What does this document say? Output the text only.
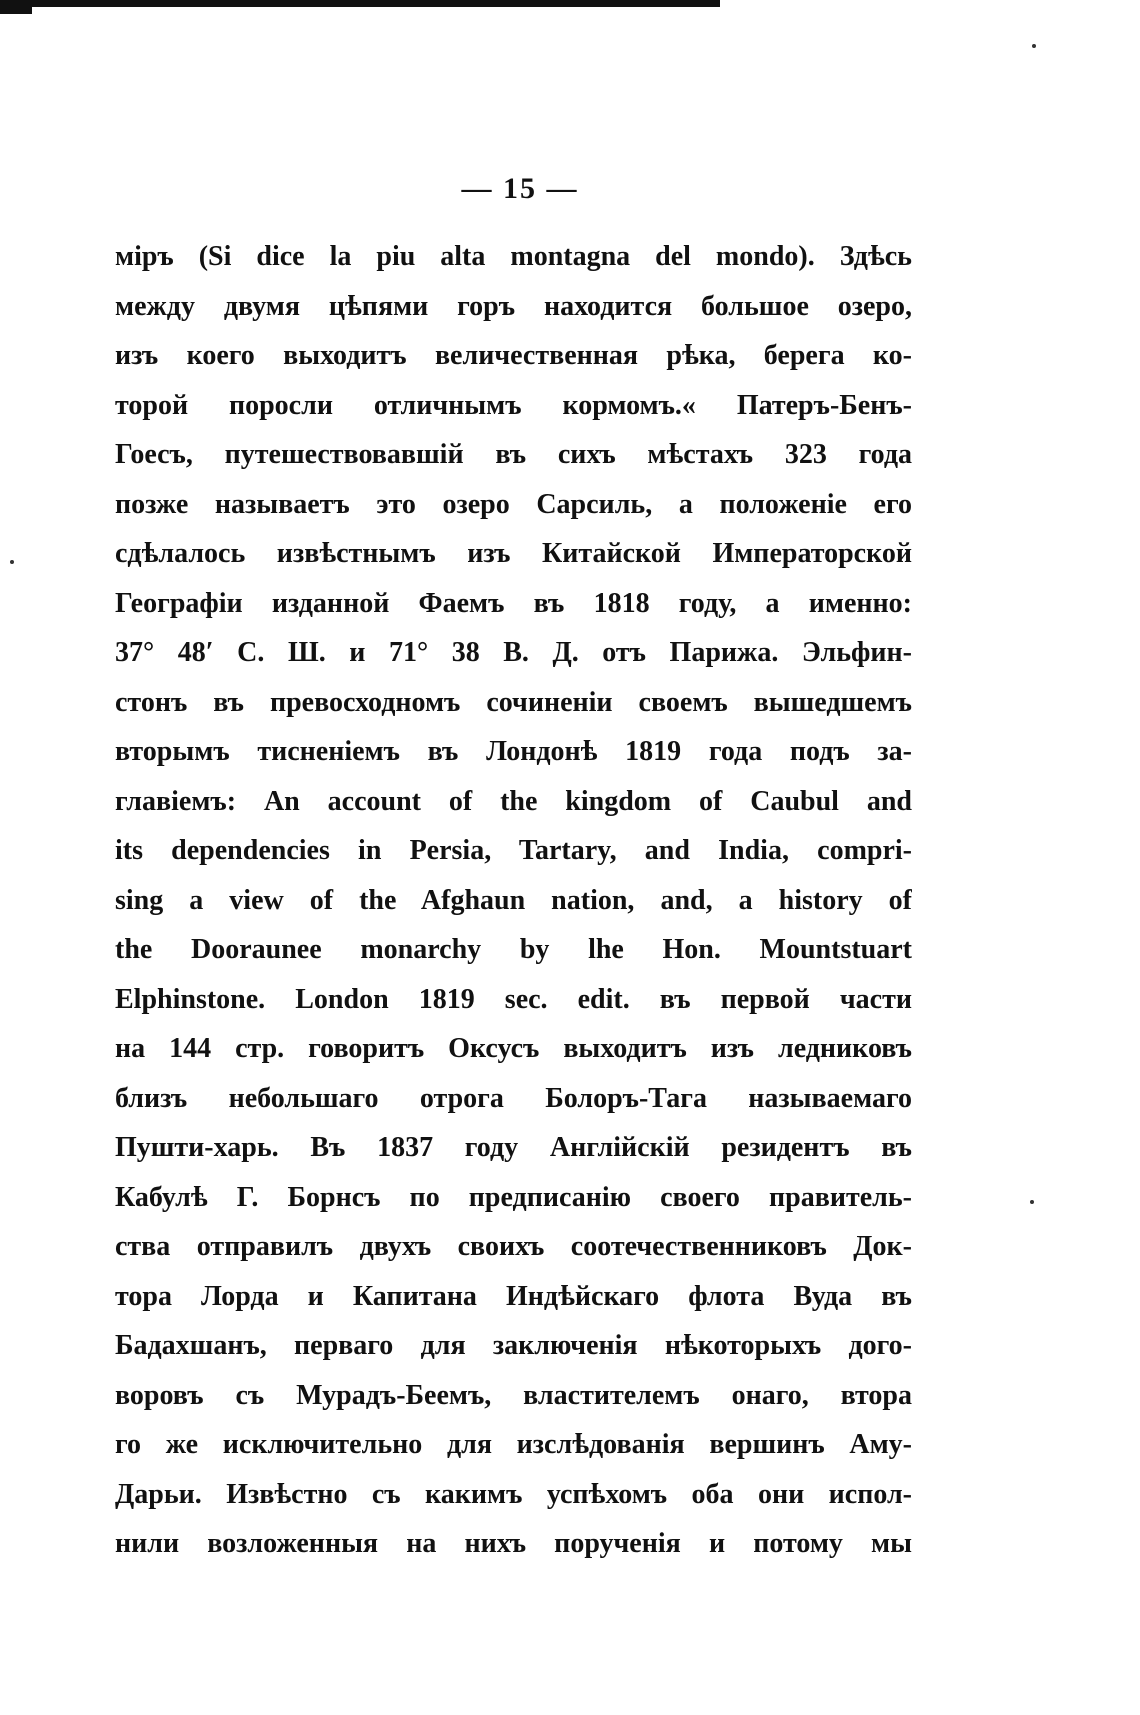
— 15 —
міръ (Si dice la piu alta montagna del mondo). Здѣсь
между двумя цѣпями горъ находится большое озеро,
изъ коего выходитъ величественная рѣка, берега ко-
торой поросли отличнымъ кормомъ.« Патеръ-Бенъ-
Гоесъ, путешествовавшій въ сихъ мѣстахъ 323 года
позже называетъ это озеро Сарсиль, а положеніе его
сдѣлалось извѣстнымъ изъ Китайской Императорской
Географіи изданной Фаемъ въ 1818 году, а именно:
37° 48′ С. Ш. и 71° 38 В. Д. отъ Парижа. Эльфин-
стонъ въ превосходномъ сочиненіи своемъ вышедшемъ
вторымъ тисненіемъ въ Лондонѣ 1819 года подъ за-
главіемъ: An account of the kingdom of Caubul and
its dependencies in Persia, Tartary, and India, compri-
sing a view of the Afghaun nation, and, a history of
the Dooraunee monarchy by lhe Hon. Mountstuart
Elphinstone. London 1819 sec. edit. въ первой части
на 144 стр. говоритъ Оксусъ выходитъ изъ ледниковъ
близъ небольшаго отрога Болоръ-Тага называемаго
Пушти-харь. Въ 1837 году Англійскій резидентъ въ
Кабулѣ Г. Борнсъ по предписанію своего правитель-
ства отправилъ двухъ своихъ соотечественниковъ Док-
тора Лорда и Капитана Индѣйскаго флота Вуда въ
Бадахшанъ, перваго для заключенія нѣкоторыхъ дого-
воровъ съ Мурадъ-Беемъ, властителемъ онаго, втора
го же исключительно для изслѣдованія вершинъ Аму-
Дарьи. Извѣстно съ какимъ успѣхомъ оба они испол-
нили возложенныя на нихъ порученія и потому мы
